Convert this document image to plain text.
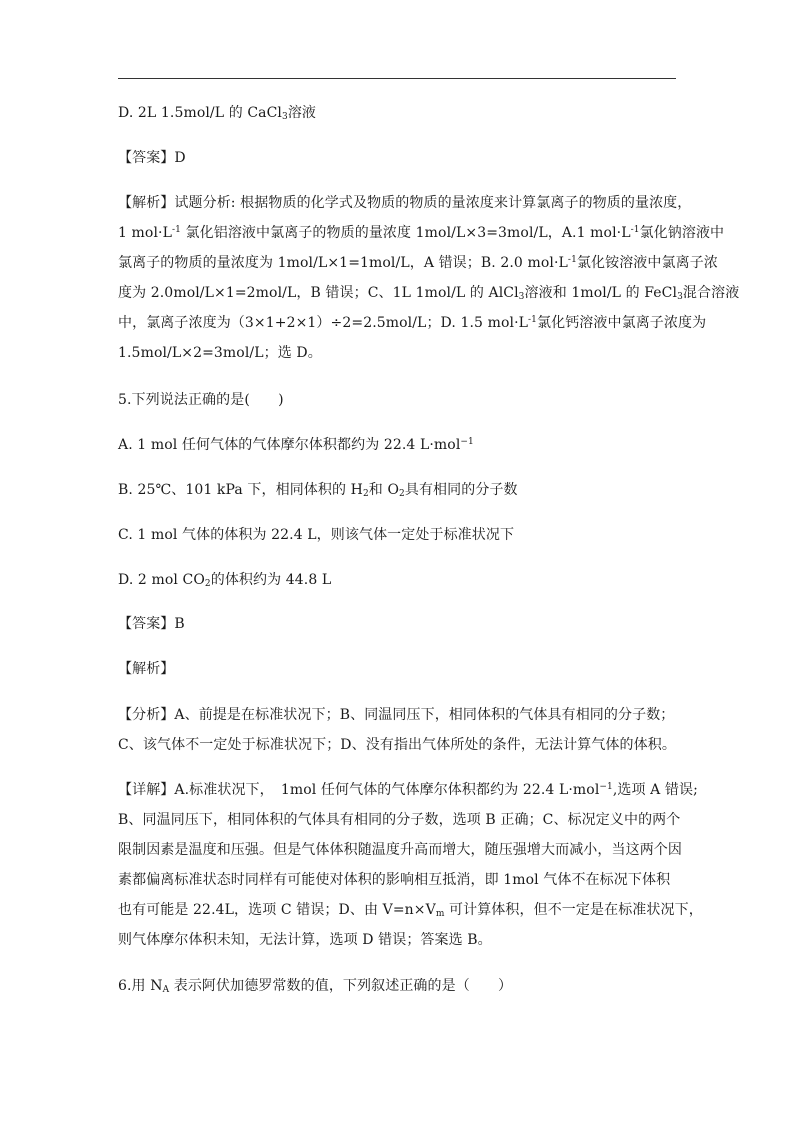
D. 2L 1.5mol/L 的 CaCl$_3$溶液
【答案】D
【解析】试题分析: 根据物质的化学式及物质的物质的量浓度来计算氯离子的物质的量浓度，
1 $mol\cdot L^{-1}$ 氯化铝溶液中氯离子的物质的量浓度 1mol/L×3=3mol/L，A.1 $mol\cdot L^{-1}$氯化钠溶液中
氯离子的物质的量浓度为 1mol/L×1=1mol/L，A 错误；B. 2.0 $mol\cdot L^{-1}$氯化铵溶液中氯离子浓
度为 2.0mol/L×1=2mol/L，B 错误；C、1L 1mol/L 的 AlCl$_3$溶液和 1mol/L 的 FeCl$_3$混合溶液
中，氯离子浓度为（3×1+2×1）÷2=2.5mol/L；D. 1.5 $mol\cdot L^{-1}$氯化钙溶液中氯离子浓度为
1.5mol/L×2=3mol/L；选 D。
5.下列说法正确的是(　　)
A. 1 mol 任何气体的气体摩尔体积都约为 22.4 L·mol$^{-1}$
B. 25℃、101 kPa 下，相同体积的 $H_2$和 $O_2$具有相同的分子数
C. 1 mol 气体的体积为 22.4 L，则该气体一定处于标准状况下
D. 2 mol $CO_2$的体积约为 44.8 L
【答案】B
【解析】
【分析】A、前提是在标准状况下；B、同温同压下，相同体积的气体具有相同的分子数；
C、该气体不一定处于标准状况下；D、没有指出气体所处的条件，无法计算气体的体积。
【详解】A.标准状况下，　1mol 任何气体的气体摩尔体积都约为 22.4 L·mol$^{-1}$,选项 A 错误;
B、同温同压下，相同体积的气体具有相同的分子数，选项 B 正确；C、标况定义中的两个
限制因素是温度和压强。但是气体体积随温度升高而增大，随压强增大而减小，当这两个因
素都偏离标准状态时同样有可能使对体积的影响相互抵消，即 1mol 气体不在标况下体积
也有可能是 22.4L，选项 C 错误；D、由 $V=n\times V_m$ 可计算体积，但不一定是在标准状况下，
则气体摩尔体积未知，无法计算，选项 D 错误；答案选 B。
6.用 $N_A$ 表示阿伏加德罗常数的值，下列叙述正确的是（　　）
